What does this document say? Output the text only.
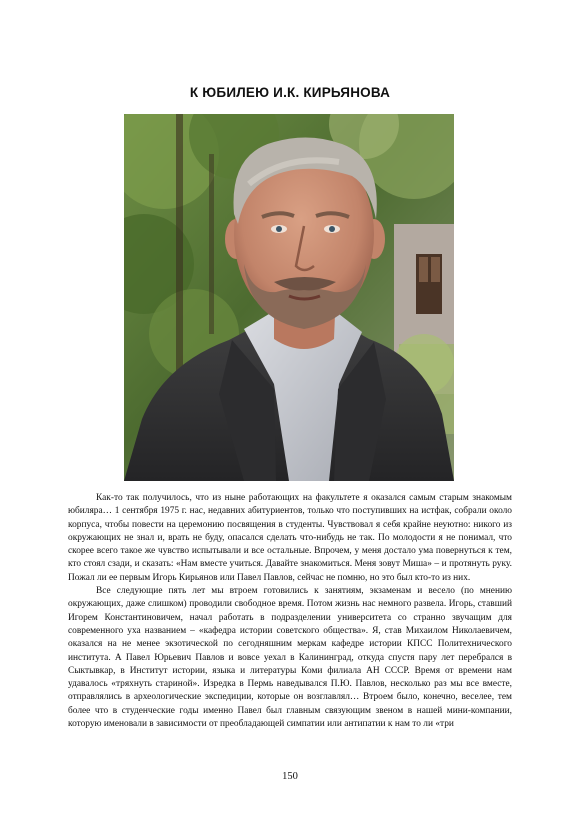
К ЮБИЛЕЮ И.К. КИРЬЯНОВА

Как-то так получилось, что из ныне работающих на факультете я оказался самым старым знакомым юбиляра… 1 сентября 1975 г. нас, недавних абитуриентов, только что поступивших на истфак, собрали около корпуса, чтобы повести на церемонию посвящения в студенты. Чувствовал я себя крайне неуютно: никого из окружающих не знал и, врать не буду, опасался сделать что-нибудь не так. По молодости я не понимал, что скорее всего такое же чувство испытывали и все остальные. Впрочем, у меня достало ума повернуться к тем, кто стоял сзади, и сказать: «Нам вместе учиться. Давайте знакомиться. Меня зовут Миша» – и протянуть руку. Пожал ли ее первым Игорь Кирьянов или Павел Павлов, сейчас не помню, но это был кто-то из них.

Все следующие пять лет мы втроем готовились к занятиям, экзаменам и весело (по мнению окружающих, даже слишком) проводили свободное время. Потом жизнь нас немного развела. Игорь, ставший Игорем Константиновичем, начал работать в подразделении университета со странно звучащим для современного уха названием – «кафедра истории советского общества». Я, став Михаилом Николаевичем, оказался на не менее экзотической по сегодняшним меркам кафедре истории КПСС Политехнического института. А Павел Юрьевич Павлов и вовсе уехал в Калининград, откуда спустя пару лет перебрался в Сыктывкар, в Институт истории, языка и литературы Коми филиала АН СССР. Время от времени нам удавалось «тряхнуть стариной». Изредка в Пермь наведывался П.Ю. Павлов, несколько раз мы все вместе, отправлялись в археологические экспедиции, которые он возглавлял… Втроем было, конечно, веселее, тем более что в студенческие годы именно Павел был главным связующим звеном в нашей мини-компании, которую именовали в зависимости от преобладающей симпатии или антипатии к нам то ли «три

150
